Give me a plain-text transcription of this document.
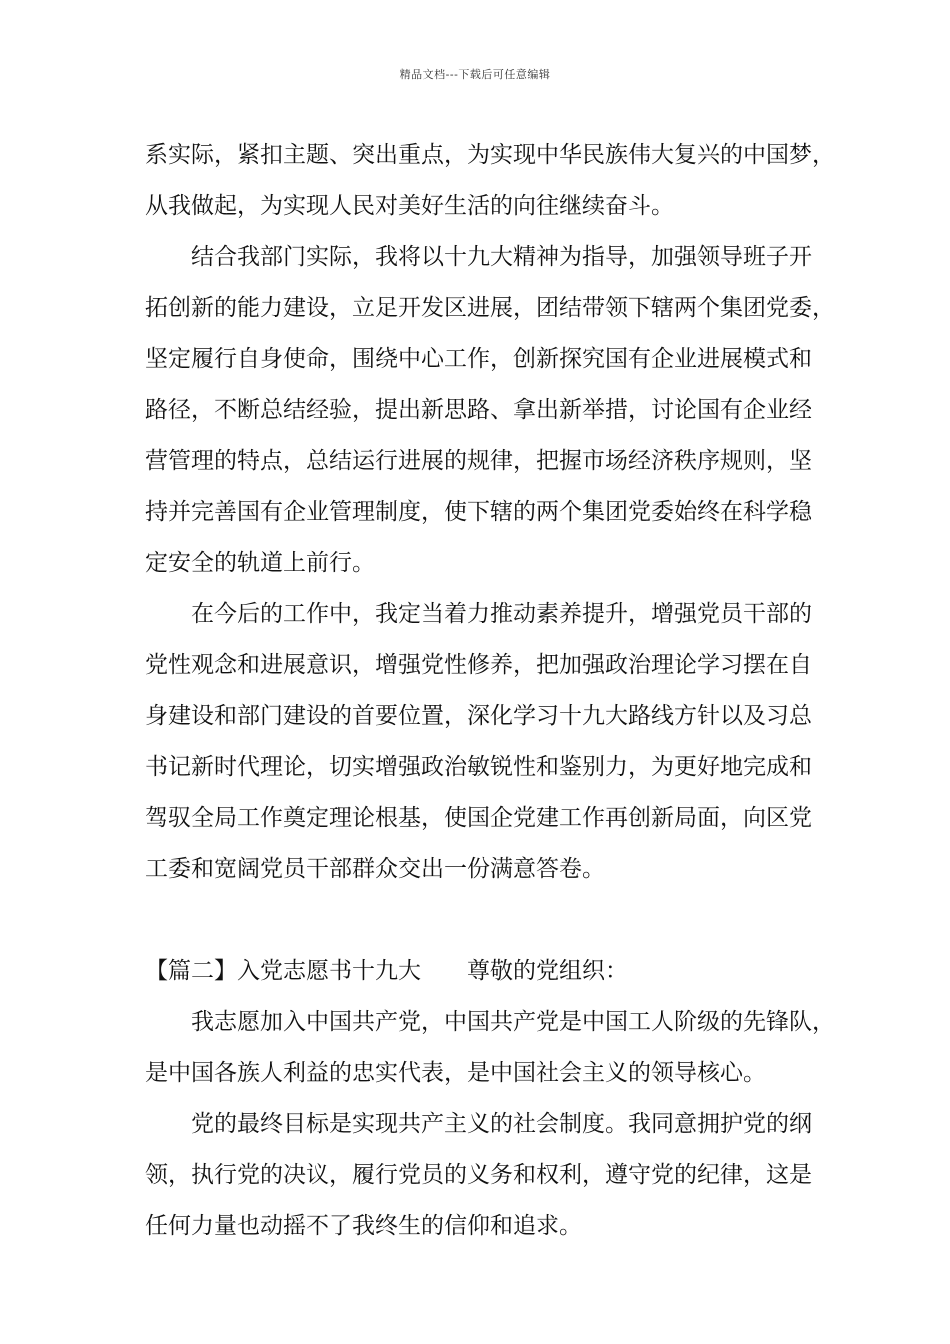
精品文档---下载后可任意编辑
系实际，紧扣主题、突出重点，为实现中华民族伟大复兴的中国梦，
从我做起，为实现人民对美好生活的向往继续奋斗。
结合我部门实际，我将以十九大精神为指导，加强领导班子开
拓创新的能力建设，立足开发区进展，团结带领下辖两个集团党委，
坚定履行自身使命，围绕中心工作，创新探究国有企业进展模式和
路径，不断总结经验，提出新思路、拿出新举措，讨论国有企业经
营管理的特点，总结运行进展的规律，把握市场经济秩序规则，坚
持并完善国有企业管理制度，使下辖的两个集团党委始终在科学稳
定安全的轨道上前行。
在今后的工作中，我定当着力推动素养提升，增强党员干部的
党性观念和进展意识，增强党性修养，把加强政治理论学习摆在自
身建设和部门建设的首要位置，深化学习十九大路线方针以及习总
书记新时代理论，切实增强政治敏锐性和鉴别力，为更好地完成和
驾驭全局工作奠定理论根基，使国企党建工作再创新局面，向区党
工委和宽阔党员干部群众交出一份满意答卷。
【篇二】入党志愿书十九大 尊敬的党组织：
我志愿加入中国共产党，中国共产党是中国工人阶级的先锋队，
是中国各族人利益的忠实代表，是中国社会主义的领导核心。
党的最终目标是实现共产主义的社会制度。我同意拥护党的纲
领，执行党的决议，履行党员的义务和权利，遵守党的纪律，这是
任何力量也动摇不了我终生的信仰和追求。
